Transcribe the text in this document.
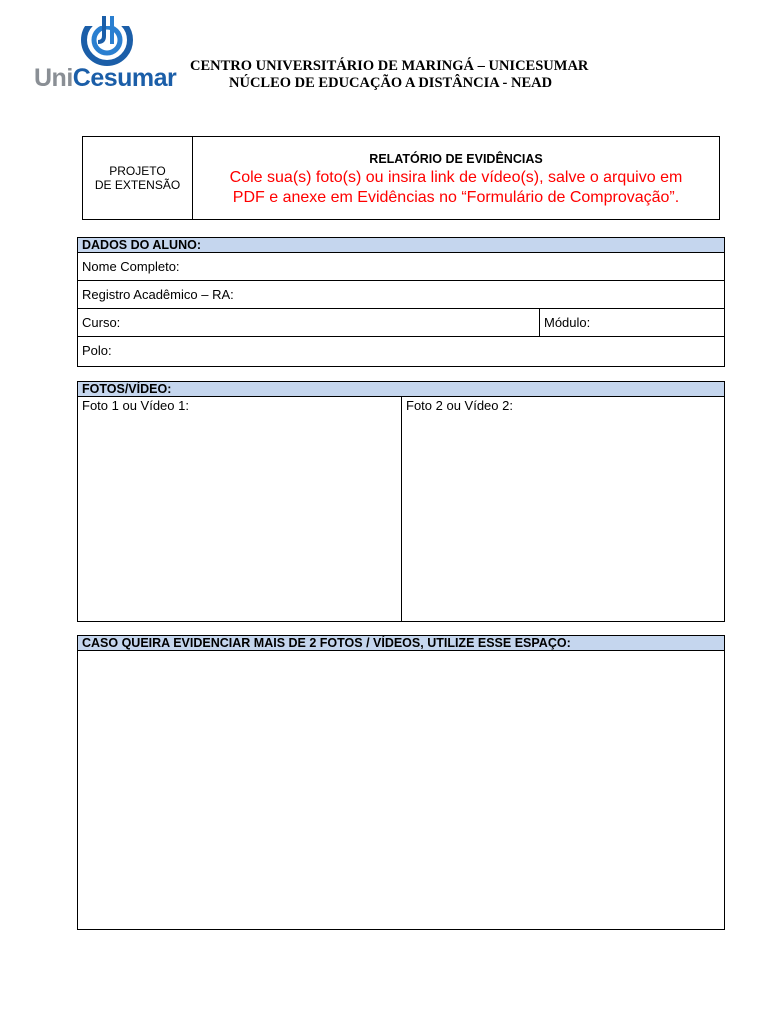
UniCesumar CENTRO UNIVERSITÁRIO DE MARINGÁ – UNICESUMAR
NÚCLEO DE EDUCAÇÃO A DISTÂNCIA - NEAD
PROJETO
DE EXTENSÃO
RELATÓRIO DE EVIDÊNCIAS
Cole sua(s) foto(s) ou insira link de vídeo(s), salve o arquivo em
PDF e anexe em Evidências no “Formulário de Comprovação”.
DADOS DO ALUNO:
Nome Completo:
Registro Acadêmico – RA:
Curso:	Módulo:
Polo:
FOTOS/VÍDEO:
Foto 1 ou Vídeo 1:	Foto 2 ou Vídeo 2:
CASO QUEIRA EVIDENCIAR MAIS DE 2 FOTOS / VÍDEOS, UTILIZE ESSE ESPAÇO:
